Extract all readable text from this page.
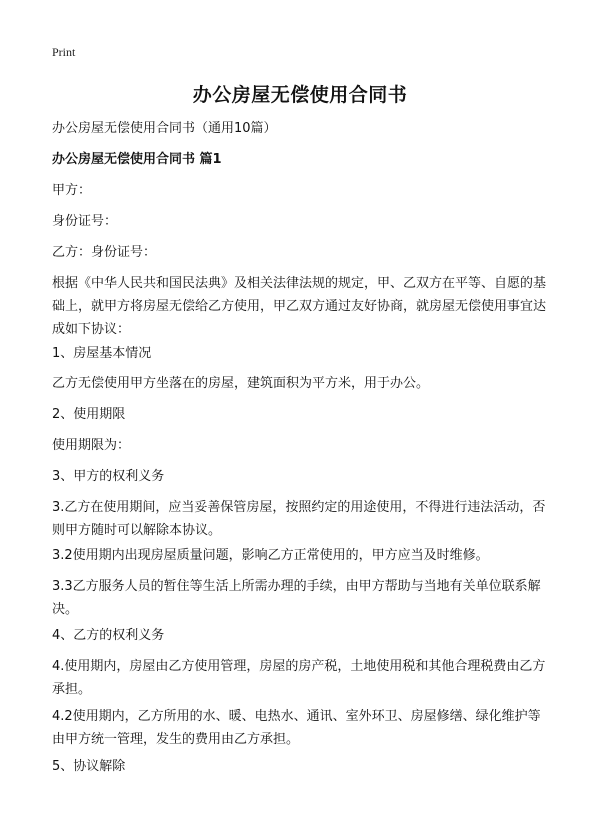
Print
办公房屋无偿使用合同书

办公房屋无偿使用合同书（通用10篇）

办公房屋无偿使用合同书 篇1

甲方：

身份证号：

乙方：身份证号：

根据《中华人民共和国民法典》及相关法律法规的规定，甲、乙双方在平等、自愿的基础上，就甲方将房屋无偿给乙方使用，甲乙双方通过友好协商，就房屋无偿使用事宜达成如下协议：

1、房屋基本情况

乙方无偿使用甲方坐落在的房屋，建筑面积为平方米，用于办公。

2、使用期限

使用期限为：

3、甲方的权利义务

3.乙方在使用期间，应当妥善保管房屋，按照约定的用途使用，不得进行违法活动，否则甲方随时可以解除本协议。

3.2使用期内出现房屋质量问题，影响乙方正常使用的，甲方应当及时维修。

3.3乙方服务人员的暂住等生活上所需办理的手续，由甲方帮助与当地有关单位联系解决。

4、乙方的权利义务

4.使用期内，房屋由乙方使用管理，房屋的房产税，土地使用税和其他合理税费由乙方承担。

4.2使用期内，乙方所用的水、暖、电热水、通讯、室外环卫、房屋修缮、绿化维护等由甲方统一管理，发生的费用由乙方承担。

5、协议解除
